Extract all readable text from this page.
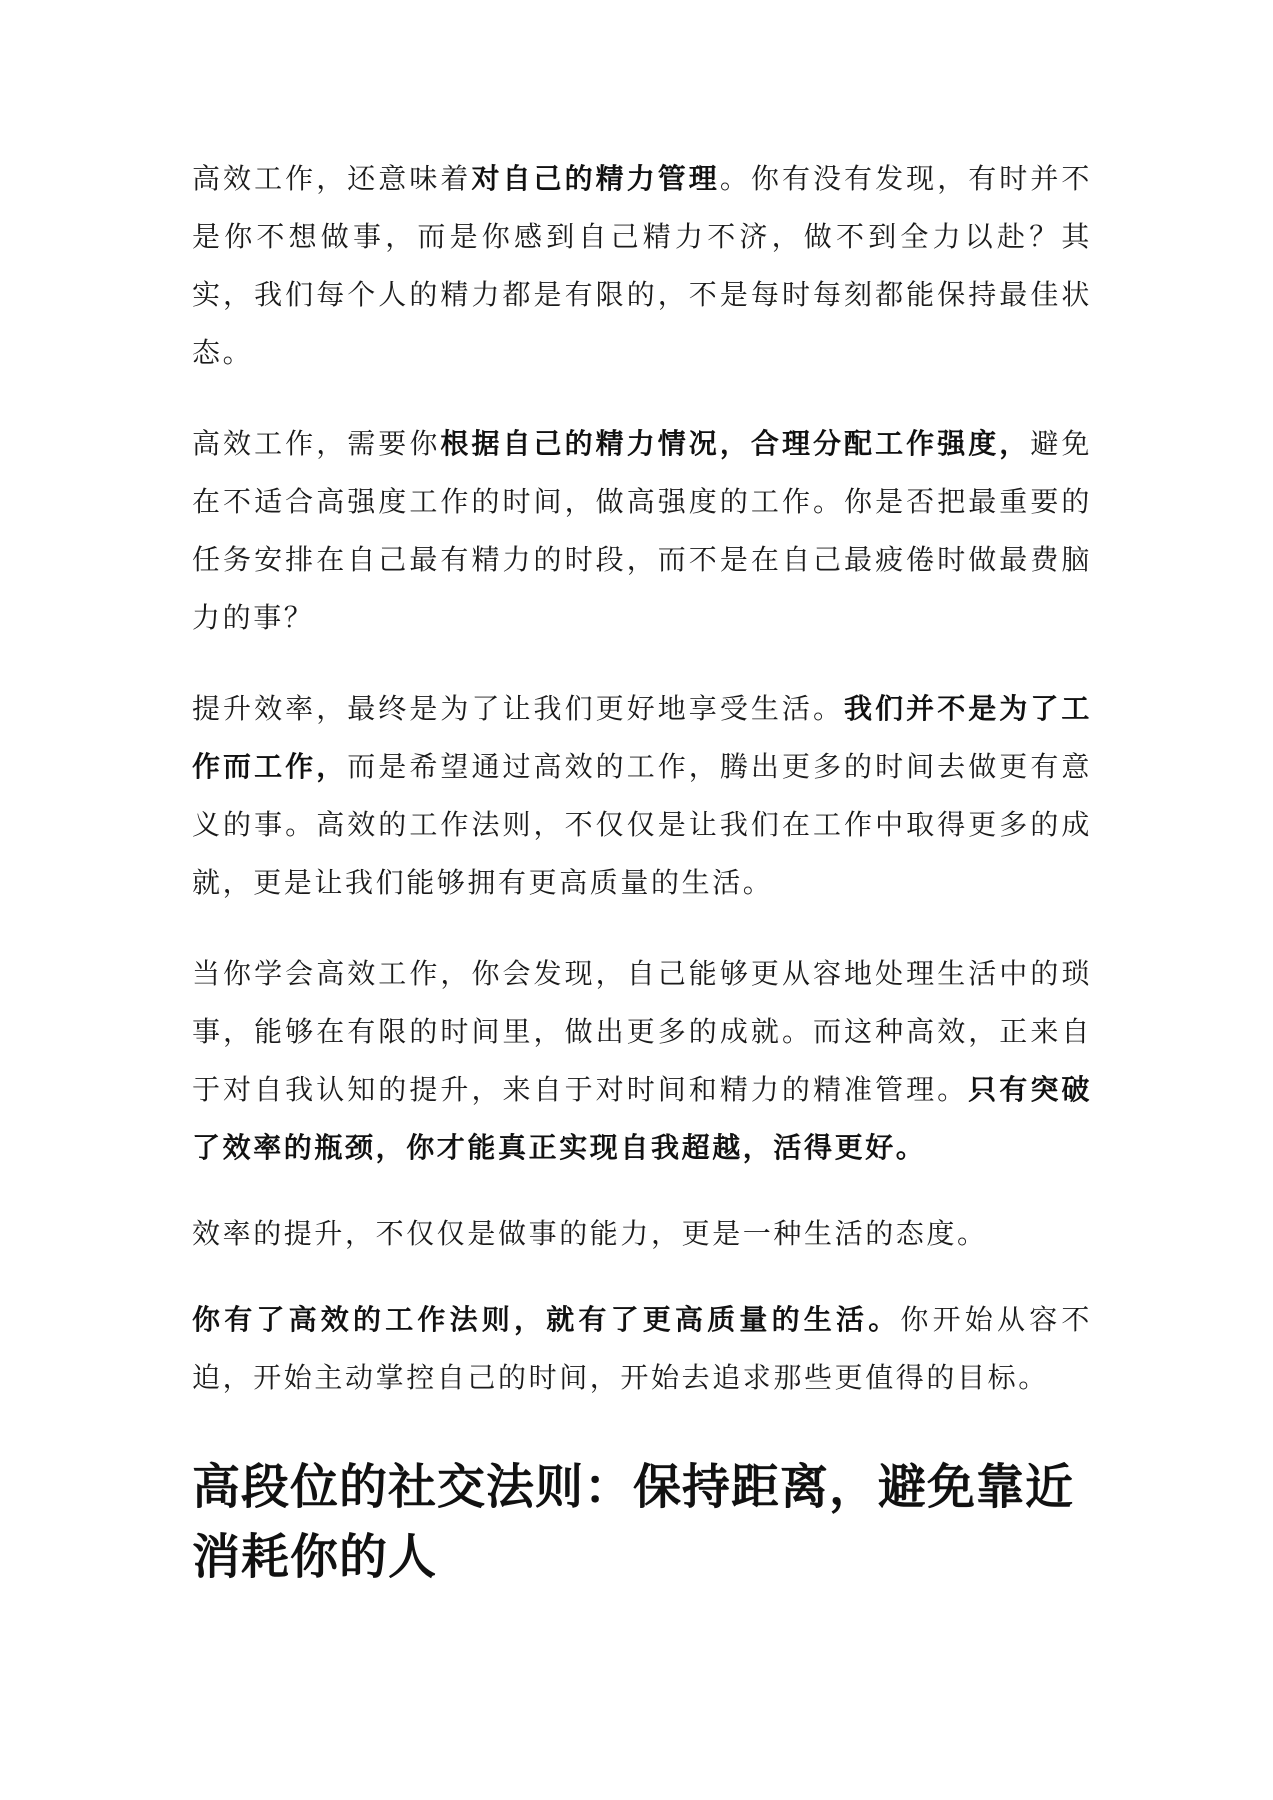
高效工作，还意味着对自己的精力管理。你有没有发现，有时并不是你不想做事，而是你感到自己精力不济，做不到全力以赴？其实，我们每个人的精力都是有限的，不是每时每刻都能保持最佳状态。

高效工作，需要你根据自己的精力情况，合理分配工作强度，避免在不适合高强度工作的时间，做高强度的工作。你是否把最重要的任务安排在自己最有精力的时段，而不是在自己最疲倦时做最费脑力的事？

提升效率，最终是为了让我们更好地享受生活。我们并不是为了工作而工作，而是希望通过高效的工作，腾出更多的时间去做更有意义的事。高效的工作法则，不仅仅是让我们在工作中取得更多的成就，更是让我们能够拥有更高质量的生活。

当你学会高效工作，你会发现，自己能够更从容地处理生活中的琐事，能够在有限的时间里，做出更多的成就。而这种高效，正来自于对自我认知的提升，来自于对时间和精力的精准管理。只有突破了效率的瓶颈，你才能真正实现自我超越，活得更好。

效率的提升，不仅仅是做事的能力，更是一种生活的态度。

你有了高效的工作法则，就有了更高质量的生活。你开始从容不迫，开始主动掌控自己的时间，开始去追求那些更值得的目标。

高段位的社交法则：保持距离，避免靠近消耗你的人
